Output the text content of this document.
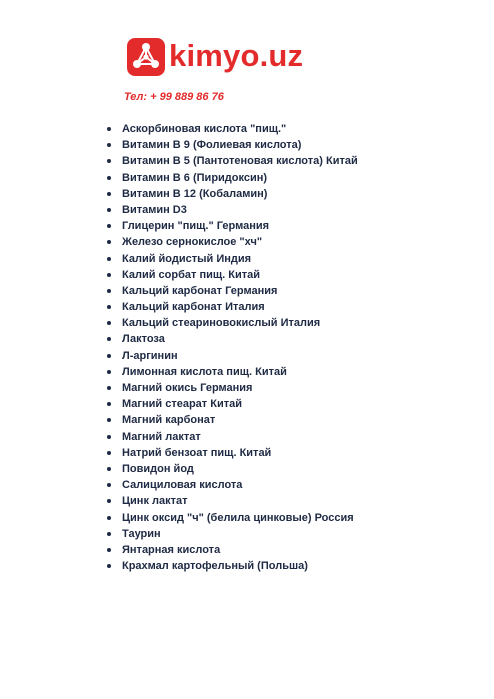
kimyo.uz
Тел: + 99 889 86 76
Аскорбиновая кислота "пищ."
Витамин В 9 (Фолиевая кислота)
Витамин В 5 (Пантотеновая кислота) Китай
Витамин В 6 (Пиридоксин)
Витамин В 12 (Кобаламин)
Витамин D3
Глицерин "пищ." Германия
Железо сернокислое "хч"
Калий йодистый Индия
Калий сорбат пищ. Китай
Кальций карбонат Германия
Кальций карбонат Италия
Кальций стеариновокислый Италия
Лактоза
Л-аргинин
Лимонная кислота пищ. Китай
Магний окись Германия
Магний стеарат Китай
Магний карбонат
Магний лактат
Натрий бензоат пищ. Китай
Повидон йод
Салициловая кислота
Цинк лактат
Цинк оксид "ч" (белила цинковые) Россия
Таурин
Янтарная кислота
Крахмал картофельный (Польша)
